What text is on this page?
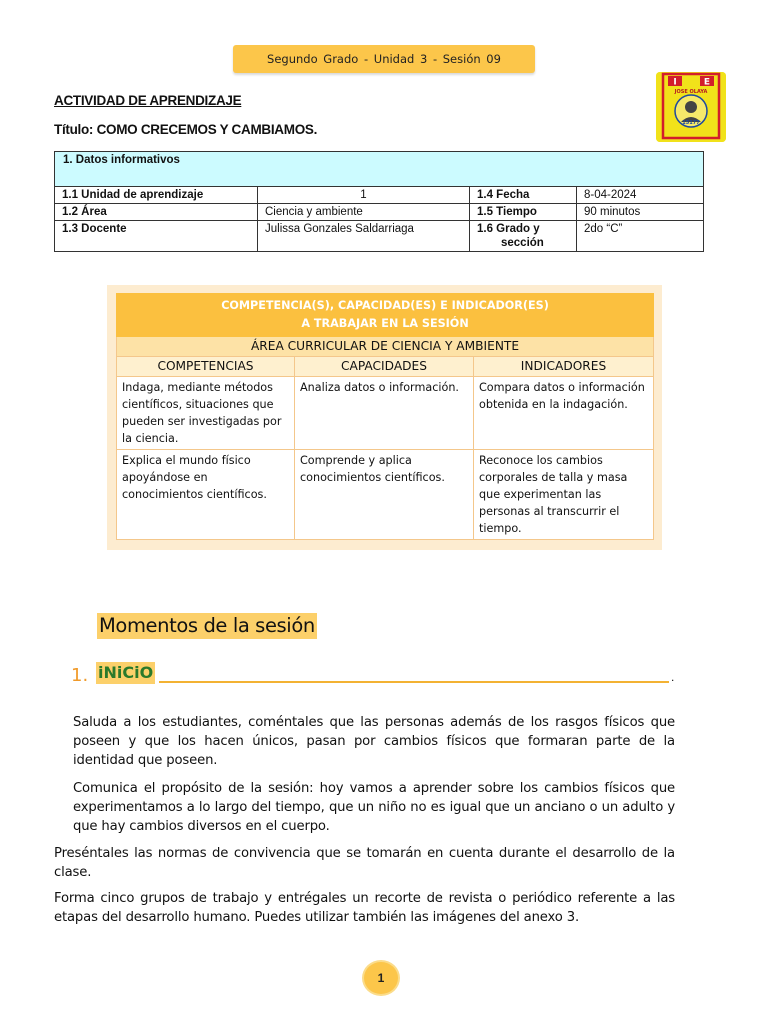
Segundo Grado - Unidad 3 - Sesión 09
I	E
JOSE OLAYA
15177
ACTIVIDAD DE APRENDIZAJE
Título: COMO CRECEMOS Y CAMBIAMOS.
1. Datos informativos			
1.1 Unidad de aprendizaje	1	1.4 Fecha	8-04-2024
1.2 Área	Ciencia y ambiente	1.5 Tiempo	90 minutos
1.3 Docente	Julissa Gonzales Saldarriaga	1.6 Grado y
sección	2do “C”
COMPETENCIA(S), CAPACIDAD(ES) E INDICADOR(ES)
A TRABAJAR EN LA SESIÓN		

ÁREA CURRICULAR DE CIENCIA Y AMBIENTE		
COMPETENCIAS	CAPACIDADES	INDICADORES
Indaga, mediante métodos científicos, situaciones que pueden ser investigadas por la ciencia.	Analiza datos o información.	Compara datos o información obtenida en la indagación.
Explica el mundo físico apoyándose en conocimientos científicos.	Comprende y aplica conocimientos científicos.	Reconoce los cambios corporales de talla y masa que experimentan las personas al transcurrir el tiempo.
Momentos de la sesión
1. iNiCiO	.
Saluda a los estudiantes, coméntales que las personas además de los rasgos físicos que poseen y que los hacen únicos, pasan por cambios físicos que formaran parte de la identidad que poseen.
Comunica el propósito de la sesión: hoy vamos a aprender sobre los cambios físicos que experimentamos a lo largo del tiempo, que un niño no es igual que un anciano o un adulto y que hay cambios diversos en el cuerpo.
Preséntales las normas de convivencia que se tomarán en cuenta durante el desarrollo de la clase.
Forma cinco grupos de trabajo y entrégales un recorte de revista o periódico referente a las etapas del desarrollo humano. Puedes utilizar también las imágenes del anexo 3.
1
